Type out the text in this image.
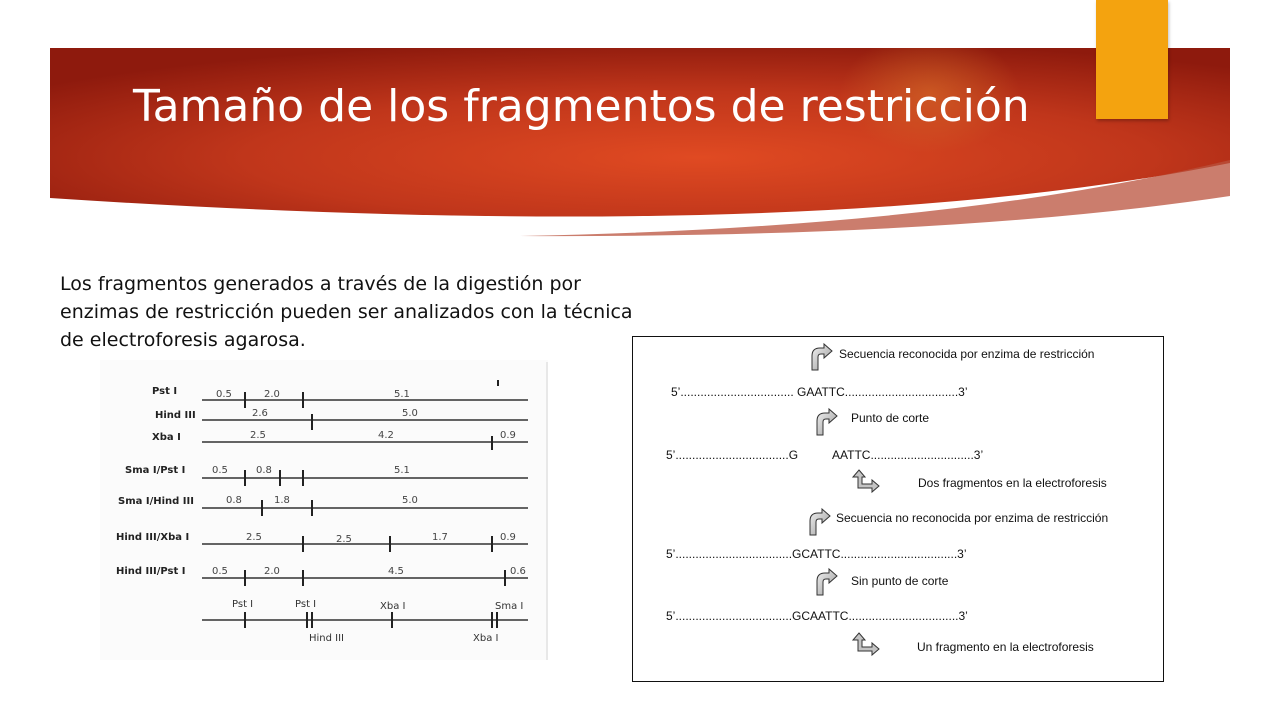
Tamaño de los fragmentos de restricción

Los fragmentos generados a través de la digestión por enzimas de restricción pueden ser analizados con la técnica de electroforesis agarosa.

Pst I	0.5	2.0	5.1
Hind III	2.6	5.0
Xba I	2.5	4.2	0.9
Sma I/Pst I	0.5	0.8	5.1
Sma I/Hind III	0.8	1.8	5.0
Hind III/Xba I	2.5	2.5	1.7	0.9
Hind III/Pst I	0.5	2.0	4.5	0.6
Pst I	Pst I	Xba I	Sma I
Hind III	Xba I
Secuencia reconocida por enzima de restricción
5’.................................. GAATTC..................................3’
Punto de corte
5’..................................G	AATTC...............................3’
Dos fragmentos en la electroforesis
Secuencia no reconocida por enzima de restricción
5’...................................GCATTC...................................3’
Sin punto de corte
5’...................................GCAATTC.................................3’
Un fragmento en la electroforesis
